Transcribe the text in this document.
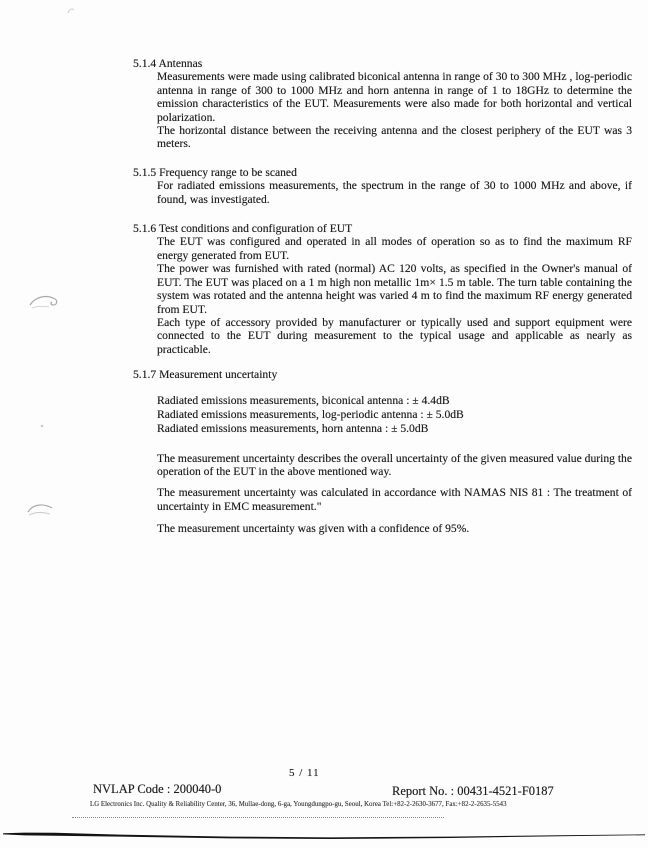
5.1.4 Antennas

Measurements were made using calibrated biconical antenna in range of 30 to 300 MHz , log-periodic antenna in range of 300 to 1000 MHz and horn antenna in range of 1 to 18GHz to determine the emission characteristics of the EUT. Measurements were also made for both horizontal and vertical polarization.

The horizontal distance between the receiving antenna and the closest periphery of the EUT was 3 meters.

5.1.5 Frequency range to be scaned

For radiated emissions measurements, the spectrum in the range of 30 to 1000 MHz and above, if found, was investigated.

5.1.6 Test conditions and configuration of EUT

The EUT was configured and operated in all modes of operation so as to find the maximum RF energy generated from EUT.

The power was furnished with rated (normal) AC 120 volts, as specified in the Owner's manual of EUT. The EUT was placed on a 1 m high non metallic 1m× 1.5 m table. The turn table containing the system was rotated and the antenna height was varied 4 m to find the maximum RF energy generated from EUT.

Each type of accessory provided by manufacturer or typically used and support equipment were connected to the EUT during measurement to the typical usage and applicable as nearly as practicable.

5.1.7 Measurement uncertainty
Radiated emissions measurements, biconical antenna : ± 4.4dB
Radiated emissions measurements, log-periodic antenna : ± 5.0dB
Radiated emissions measurements, horn antenna : ± 5.0dB

The measurement uncertainty describes the overall uncertainty of the given measured value during the operation of the EUT in the above mentioned way.

The measurement uncertainty was calculated in accordance with NAMAS NIS 81 : The treatment of uncertainty in EMC measurement."

The measurement uncertainty was given with a confidence of 95%.

5 / 11
NVLAP Code : 200040-0	Report No. : 00431-4521-F0187
LG Electronics Inc. Quality & Reliability Center, 36, Mullae-dong, 6-ga, Youngdungpo-gu, Seoul, Korea Tel:+82-2-2630-3677, Fax:+82-2-2635-5543
